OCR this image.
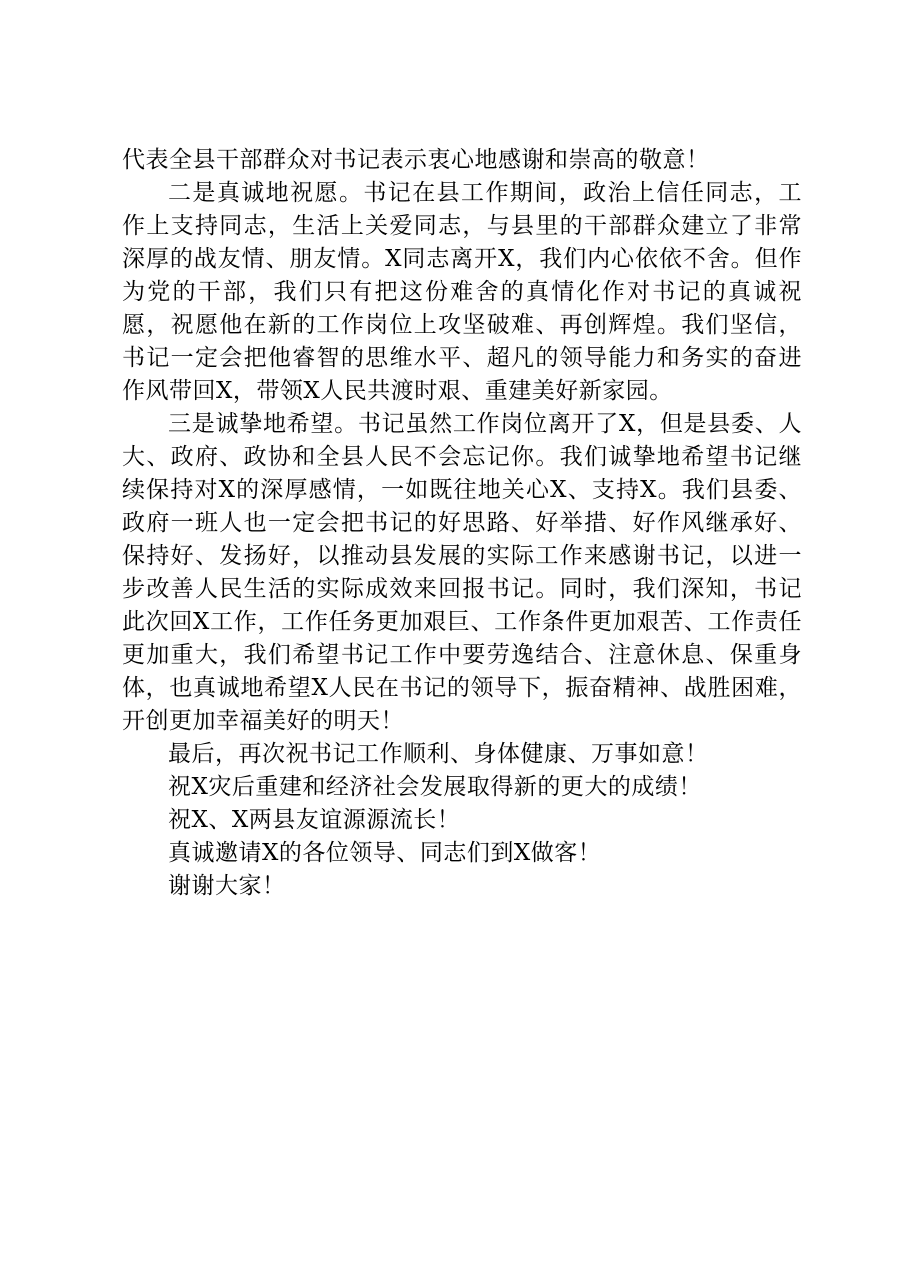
代表全县干部群众对书记表示衷心地感谢和崇高的敬意！

二是真诚地祝愿。书记在县工作期间，政治上信任同志，工作上支持同志，生活上关爱同志，与县里的干部群众建立了非常深厚的战友情、朋友情。X同志离开X，我们内心依依不舍。但作为党的干部，我们只有把这份难舍的真情化作对书记的真诚祝愿，祝愿他在新的工作岗位上攻坚破难、再创辉煌。我们坚信，书记一定会把他睿智的思维水平、超凡的领导能力和务实的奋进作风带回X，带领X人民共渡时艰、重建美好新家园。

三是诚挚地希望。书记虽然工作岗位离开了X，但是县委、人大、政府、政协和全县人民不会忘记你。我们诚挚地希望书记继续保持对X的深厚感情，一如既往地关心X、支持X。我们县委、政府一班人也一定会把书记的好思路、好举措、好作风继承好、保持好、发扬好，以推动县发展的实际工作来感谢书记，以进一步改善人民生活的实际成效来回报书记。同时，我们深知，书记此次回X工作，工作任务更加艰巨、工作条件更加艰苦、工作责任更加重大，我们希望书记工作中要劳逸结合、注意休息、保重身体，也真诚地希望X人民在书记的领导下，振奋精神、战胜困难，开创更加幸福美好的明天！

最后，再次祝书记工作顺利、身体健康、万事如意！

祝X灾后重建和经济社会发展取得新的更大的成绩！

祝X、X两县友谊源源流长！

真诚邀请X的各位领导、同志们到X做客！

谢谢大家！
